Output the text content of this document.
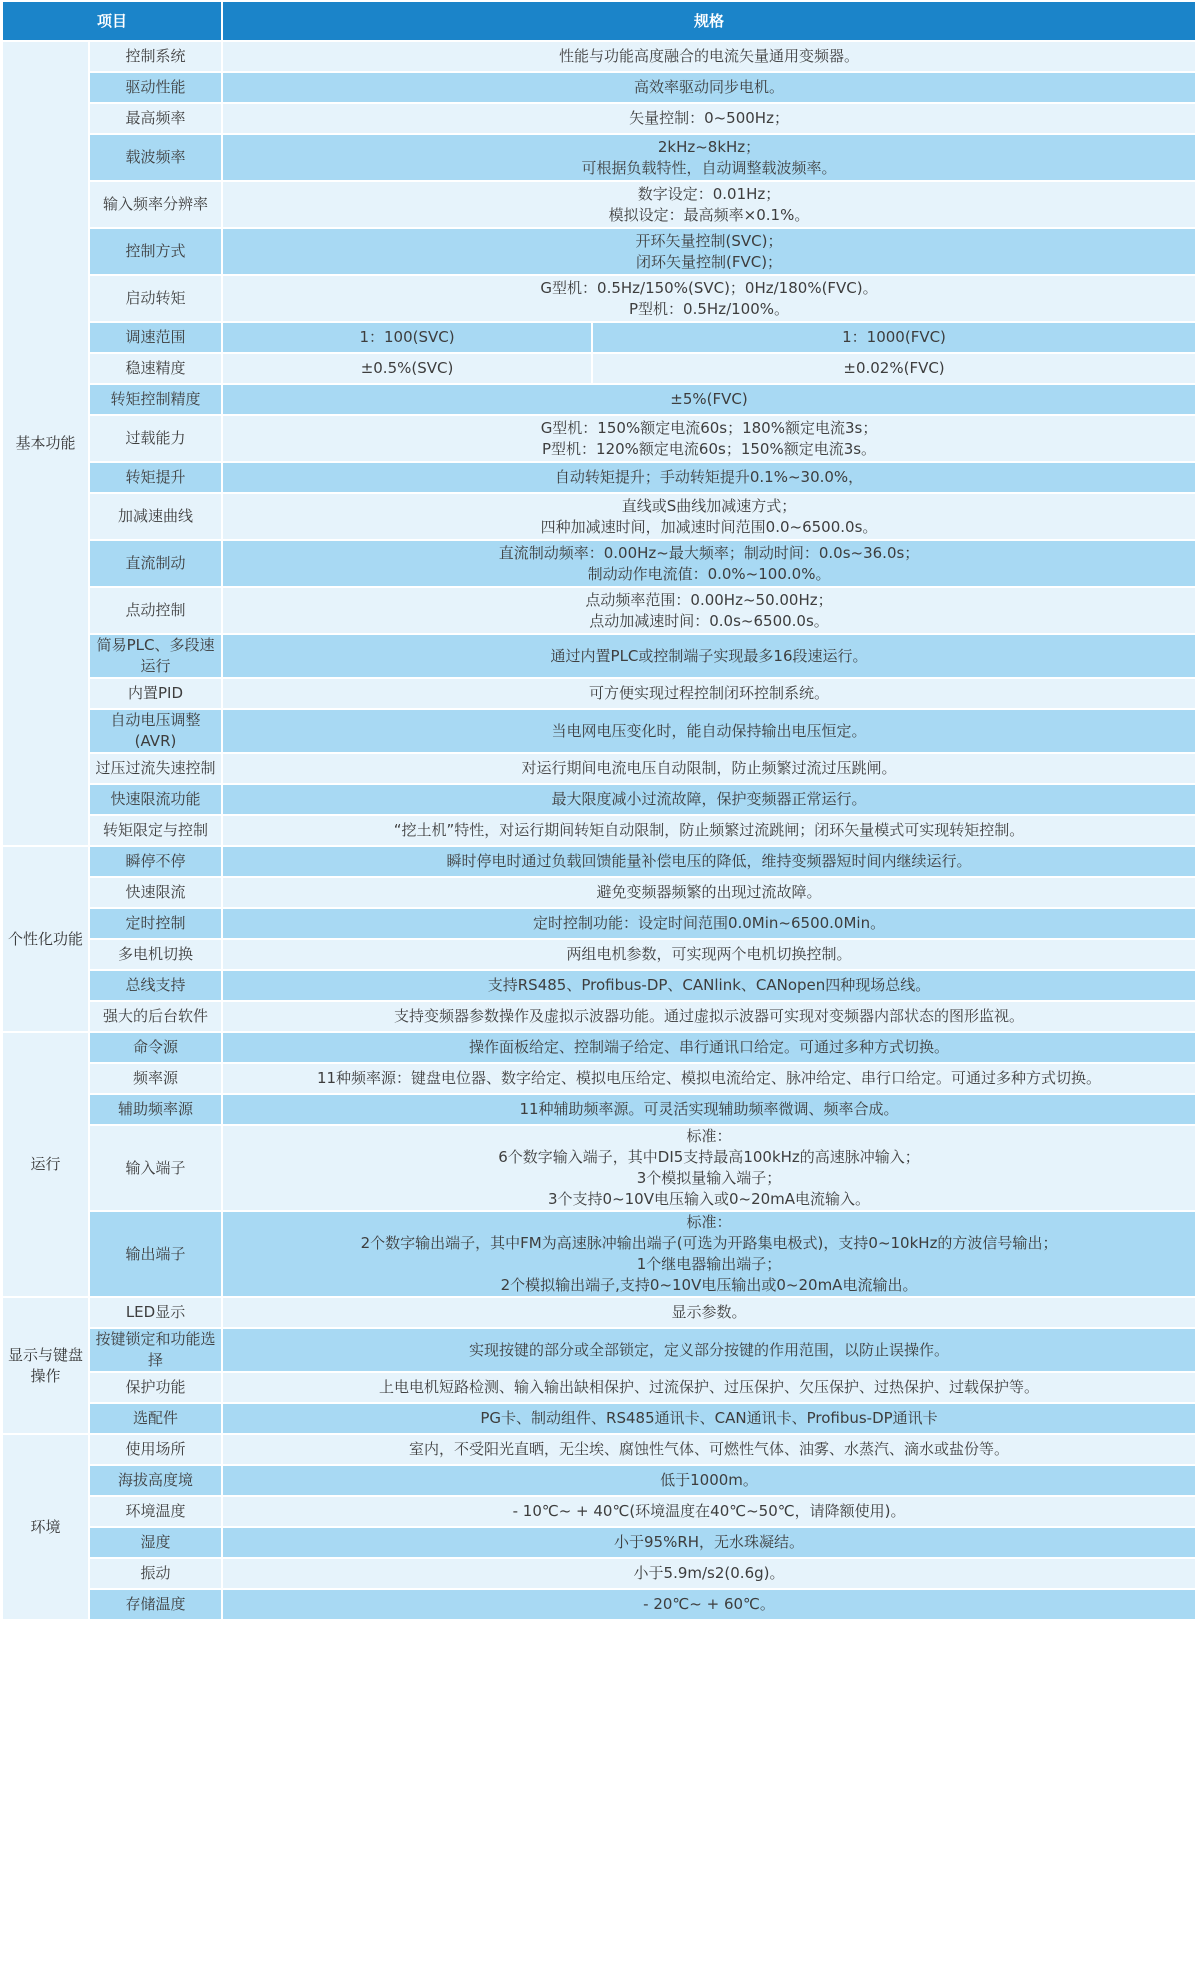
项目		规格	
基本功能	控制系统	性能与功能高度融合的电流矢量通用变频器。	

	驱动性能	高效率驱动同步电机。	

	最高频率	矢量控制：0~500Hz；	

	载波频率	2kHz~8kHz；
可根据负载特性，自动调整载波频率。	

	输入频率分辨率	数字设定：0.01Hz；
模拟设定：最高频率×0.1%。	

	控制方式	开环矢量控制(SVC)；
闭环矢量控制(FVC)；	

	启动转矩	G型机：0.5Hz/150%(SVC)；0Hz/180%(FVC)。
P型机：0.5Hz/100%。	

	调速范围	1：100(SVC)	1：1000(FVC)
	稳速精度	±0.5%(SVC)	±0.02%(FVC)
	转矩控制精度	±5%(FVC)	

	过载能力	G型机：150%额定电流60s；180%额定电流3s；
P型机：120%额定电流60s；150%额定电流3s。	

	转矩提升	自动转矩提升；手动转矩提升0.1%~30.0%，	

	加减速曲线	直线或S曲线加减速方式；
四种加减速时间，加减速时间范围0.0~6500.0s。	

	直流制动	直流制动频率：0.00Hz~最大频率；制动时间：0.0s~36.0s；
制动动作电流值：0.0%~100.0%。	

	点动控制	点动频率范围：0.00Hz~50.00Hz；
点动加减速时间：0.0s~6500.0s。	

	简易PLC、多段速运行	通过内置PLC或控制端子实现最多16段速运行。	

	内置PID	可方便实现过程控制闭环控制系统。	

	自动电压调整(AVR)	当电网电压变化时，能自动保持输出电压恒定。	

	过压过流失速控制	对运行期间电流电压自动限制，防止频繁过流过压跳闸。	

	快速限流功能	最大限度减小过流故障，保护变频器正常运行。	

	转矩限定与控制	“挖土机”特性，对运行期间转矩自动限制，防止频繁过流跳闸；闭环矢量模式可实现转矩控制。	

个性化功能	瞬停不停	瞬时停电时通过负载回馈能量补偿电压的降低，维持变频器短时间内继续运行。	

	快速限流	避免变频器频繁的出现过流故障。	

	定时控制	定时控制功能：设定时间范围0.0Min~6500.0Min。	

	多电机切换	两组电机参数，可实现两个电机切换控制。	

	总线支持	支持RS485、Profibus-DP、CANlink、CANopen四种现场总线。	

	强大的后台软件	支持变频器参数操作及虚拟示波器功能。通过虚拟示波器可实现对变频器内部状态的图形监视。	

运行	命令源	操作面板给定、控制端子给定、串行通讯口给定。可通过多种方式切换。	

	频率源	11种频率源：键盘电位器、数字给定、模拟电压给定、模拟电流给定、脉冲给定、串行口给定。可通过多种方式切换。	

	辅助频率源	11种辅助频率源。可灵活实现辅助频率微调、频率合成。	

	输入端子	标准：
6个数字输入端子，其中DI5支持最高100kHz的高速脉冲输入；
3个模拟量输入端子；
3个支持0~10V电压输入或0~20mA电流输入。	

	输出端子	标准：
2个数字输出端子，其中FM为高速脉冲输出端子(可选为开路集电极式)，支持0~10kHz的方波信号输出；
1个继电器输出端子；
2个模拟输出端子,支持0~10V电压输出或0~20mA电流输出。	

显示与键盘操作	LED显示	显示参数。	

	按键锁定和功能选择	实现按键的部分或全部锁定，定义部分按键的作用范围，以防止误操作。	

	保护功能	上电电机短路检测、输入输出缺相保护、过流保护、过压保护、欠压保护、过热保护、过载保护等。	

	选配件	PG卡、制动组件、RS485通讯卡、CAN通讯卡、Profibus-DP通讯卡	

环境	使用场所	室内，不受阳光直晒，无尘埃、腐蚀性气体、可燃性气体、油雾、水蒸汽、滴水或盐份等。	

	海拔高度境	低于1000m。	

	环境温度	- 10℃~ + 40℃(环境温度在40℃~50℃，请降额使用)。	

	湿度	小于95%RH，无水珠凝结。	

	振动	小于5.9m/s2(0.6g)。	

	存储温度	- 20℃~ + 60℃。	
